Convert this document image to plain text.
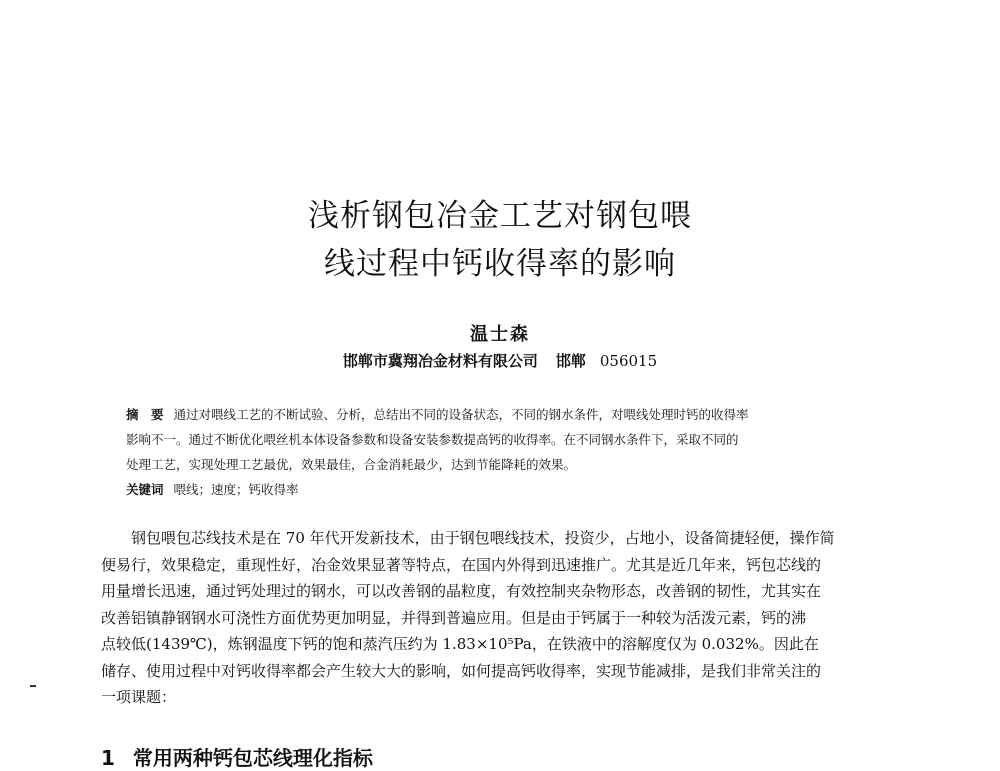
浅析钢包冶金工艺对钢包喂
线过程中钙收得率的影响
温士森
邯郸市冀翔冶金材料有限公司 邯郸 056015
摘　要 通过对喂线工艺的不断试验、分析，总结出不同的设备状态，不同的钢水条件，对喂线处理时钙的收得率
影响不一。通过不断优化喂丝机本体设备参数和设备安装参数提高钙的收得率。在不同钢水条件下，采取不同的
处理工艺，实现处理工艺最优，效果最佳，合金消耗最少，达到节能降耗的效果。
关键词 喂线；速度；钙收得率
钢包喂包芯线技术是在 70 年代开发新技术，由于钢包喂线技术，投资少，占地小，设备简捷轻便，操作简
便易行，效果稳定，重现性好，冶金效果显著等特点，在国内外得到迅速推广。尤其是近几年来，钙包芯线的
用量增长迅速，通过钙处理过的钢水，可以改善钢的晶粒度，有效控制夹杂物形态，改善钢的韧性，尤其实在
改善铝镇静钢钢水可浇性方面优势更加明显，并得到普遍应用。但是由于钙属于一种较为活泼元素，钙的沸
点较低(1439℃)，炼钢温度下钙的饱和蒸汽压约为 1.83×10⁵Pa，在铁液中的溶解度仅为 0.032%。因此在
储存、使用过程中对钙收得率都会产生较大大的影响，如何提高钙收得率，实现节能减排，是我们非常关注的
一项课题：
1 常用两种钙包芯线理化指标
